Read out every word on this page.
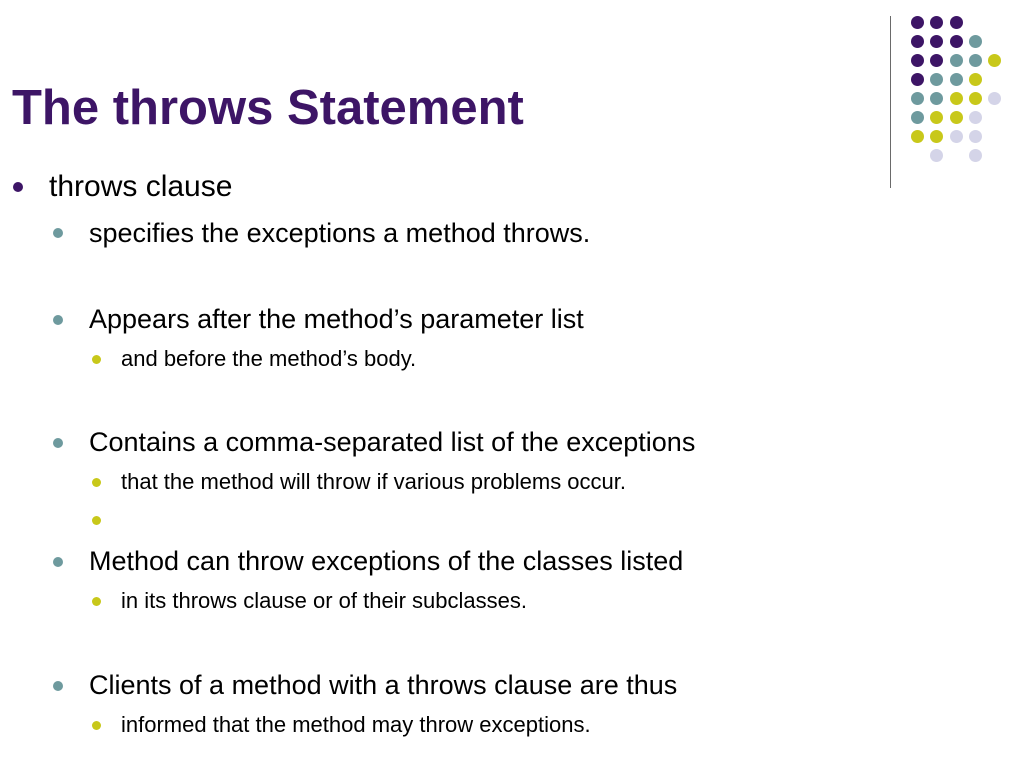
The throws Statement
throws clause
specifies the exceptions a method throws.
Appears after the method’s parameter list
and before the method’s body.
Contains a comma-separated list of the exceptions
that the method will throw if various problems occur.
Method can throw exceptions of the classes listed
in its throws clause or of their subclasses.
Clients of a method with a throws clause are thus
informed that the method may throw exceptions.
